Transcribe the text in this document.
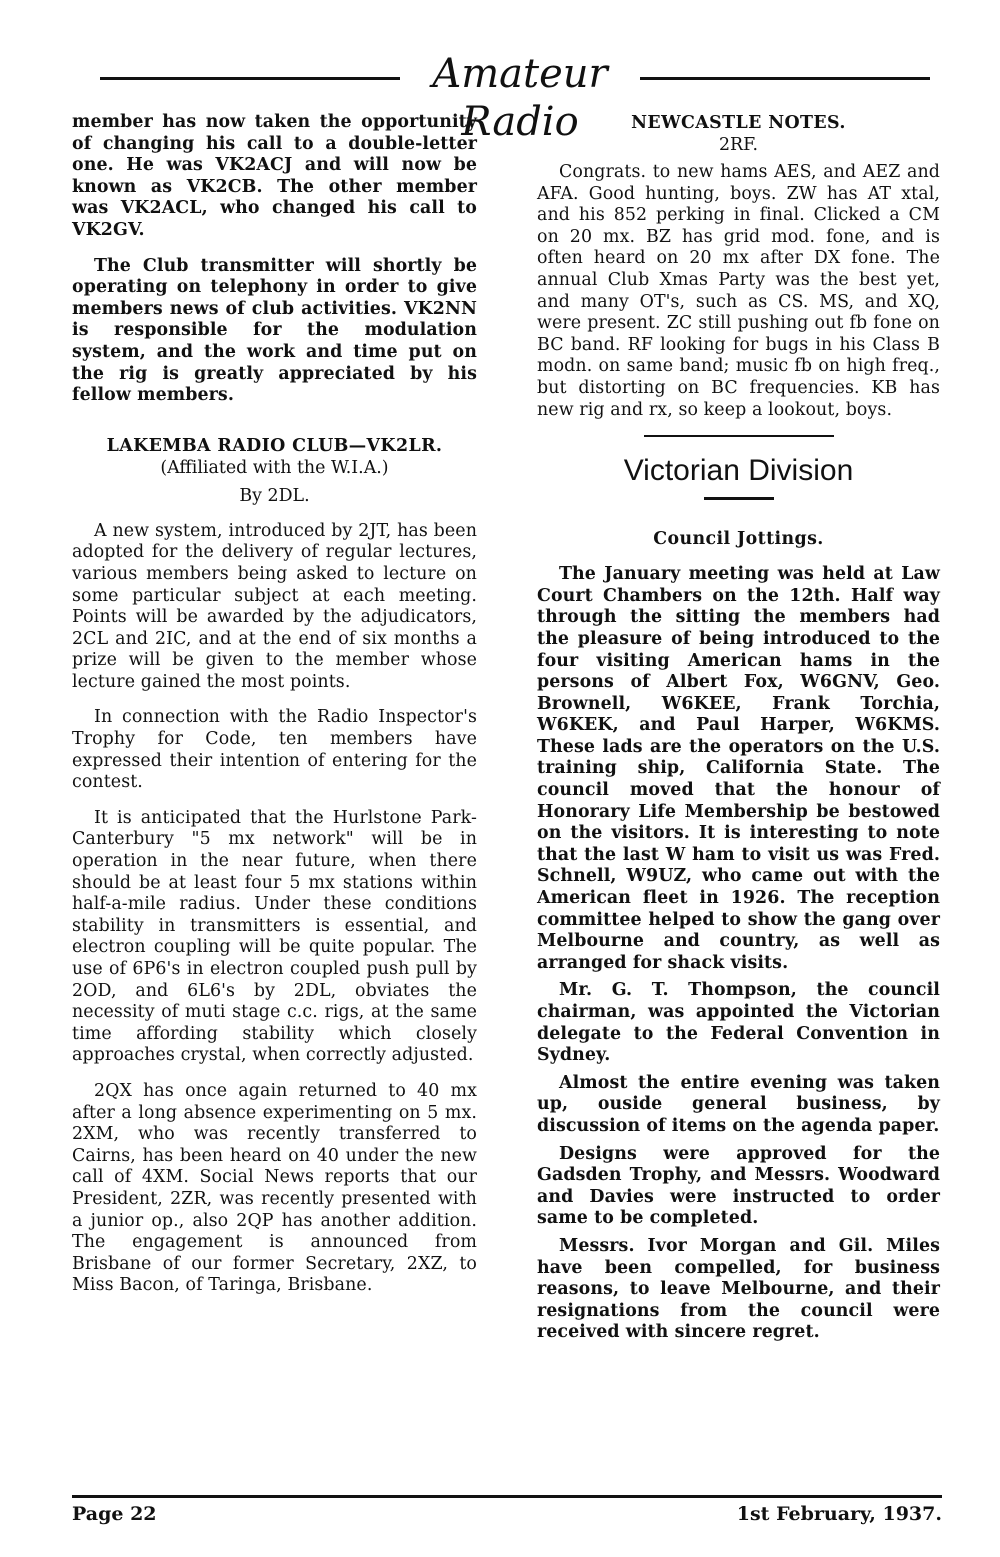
Amateur Radio

member has now taken the opportunity of changing his call to a double-letter one. He was VK2ACJ and will now be known as VK2CB. The other member was VK2ACL, who changed his call to VK2GV.

The Club transmitter will shortly be operating on telephony in order to give members news of club activities. VK2NN is responsible for the modulation system, and the work and time put on the rig is greatly appreciated by his fellow members.

LAKEMBA RADIO CLUB—VK2LR.

(Affiliated with the W.I.A.)

By 2DL.

A new system, introduced by 2JT, has been adopted for the delivery of regular lectures, various members being asked to lecture on some particular subject at each meeting. Points will be awarded by the adjudicators, 2CL and 2IC, and at the end of six months a prize will be given to the member whose lecture gained the most points.

In connection with the Radio Inspector's Trophy for Code, ten members have expressed their intention of entering for the contest.

It is anticipated that the Hurlstone Park-Canterbury "5 mx network" will be in operation in the near future, when there should be at least four 5 mx stations within half-a-mile radius. Under these conditions stability in transmitters is essential, and electron coupling will be quite popular. The use of 6P6's in electron coupled push pull by 2OD, and 6L6's by 2DL, obviates the necessity of muti stage c.c. rigs, at the same time affording stability which closely approaches crystal, when correctly adjusted.

2QX has once again returned to 40 mx after a long absence experimenting on 5 mx. 2XM, who was recently transferred to Cairns, has been heard on 40 under the new call of 4XM. Social News reports that our President, 2ZR, was recently presented with a junior op., also 2QP has another addition. The engagement is announced from Brisbane of our former Secretary, 2XZ, to Miss Bacon, of Taringa, Brisbane.

NEWCASTLE NOTES.

2RF.

Congrats. to new hams AES, and AEZ and AFA. Good hunting, boys. ZW has AT xtal, and his 852 perking in final. Clicked a CM on 20 mx. BZ has grid mod. fone, and is often heard on 20 mx after DX fone. The annual Club Xmas Party was the best yet, and many OT's, such as CS. MS, and XQ, were present. ZC still pushing out fb fone on BC band. RF looking for bugs in his Class B modn. on same band; music fb on high freq., but distorting on BC frequencies. KB has new rig and rx, so keep a lookout, boys.

Victorian Division

Council Jottings.

The January meeting was held at Law Court Chambers on the 12th. Half way through the sitting the members had the pleasure of being introduced to the four visiting American hams in the persons of Albert Fox, W6GNV, Geo. Brownell, W6KEE, Frank Torchia, W6KEK, and Paul Harper, W6KMS. These lads are the operators on the U.S. training ship, California State. The council moved that the honour of Honorary Life Membership be bestowed on the visitors. It is interesting to note that the last W ham to visit us was Fred. Schnell, W9UZ, who came out with the American fleet in 1926. The reception committee helped to show the gang over Melbourne and country, as well as arranged for shack visits.

Mr. G. T. Thompson, the council chairman, was appointed the Victorian delegate to the Federal Convention in Sydney.

Almost the entire evening was taken up, ouside general business, by discussion of items on the agenda paper.

Designs were approved for the Gadsden Trophy, and Messrs. Woodward and Davies were instructed to order same to be completed.

Messrs. Ivor Morgan and Gil. Miles have been compelled, for business reasons, to leave Melbourne, and their resignations from the council were received with sincere regret.

Page 22	1st February, 1937.
